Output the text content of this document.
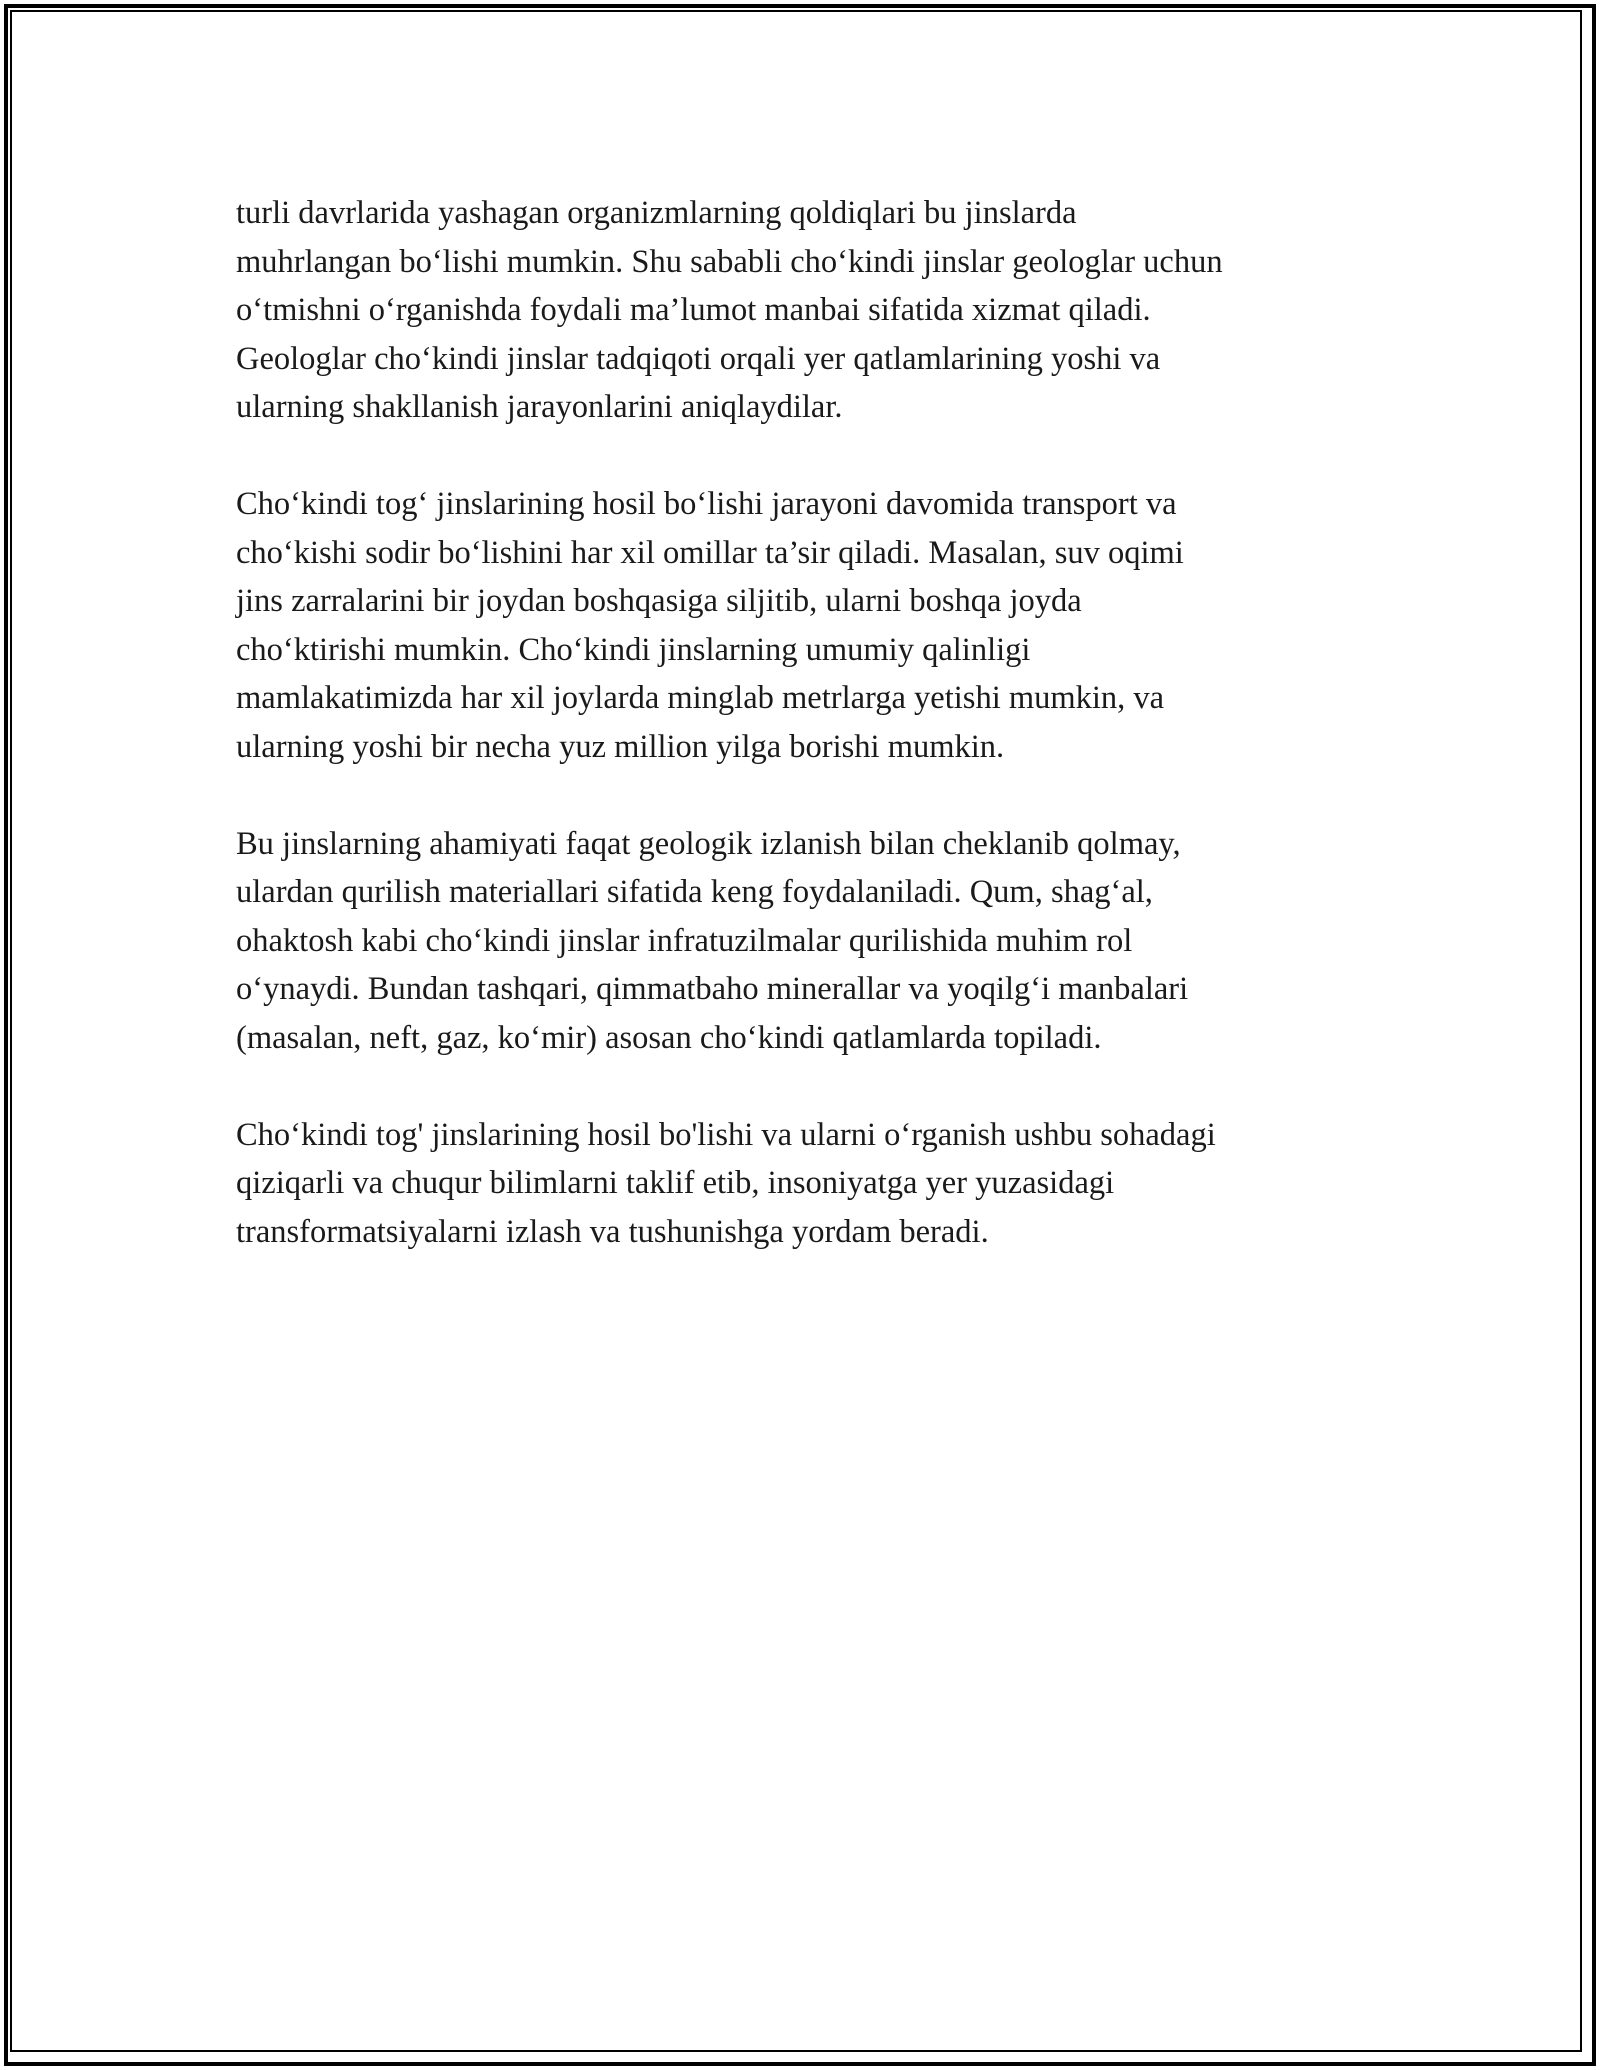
turli davrlarida yashagan organizmlarning qoldiqlari bu jinslarda
muhrlangan bo‘lishi mumkin. Shu sababli cho‘kindi jinslar geologlar uchun
o‘tmishni o‘rganishda foydali ma’lumot manbai sifatida xizmat qiladi.
Geologlar cho‘kindi jinslar tadqiqoti orqali yer qatlamlarining yoshi va
ularning shakllanish jarayonlarini aniqlaydilar.

Cho‘kindi tog‘ jinslarining hosil bo‘lishi jarayoni davomida transport va
cho‘kishi sodir bo‘lishini har xil omillar ta’sir qiladi. Masalan, suv oqimi
jins zarralarini bir joydan boshqasiga siljitib, ularni boshqa joyda
cho‘ktirishi mumkin. Cho‘kindi jinslarning umumiy qalinligi
mamlakatimizda har xil joylarda minglab metrlarga yetishi mumkin, va
ularning yoshi bir necha yuz million yilga borishi mumkin.

Bu jinslarning ahamiyati faqat geologik izlanish bilan cheklanib qolmay,
ulardan qurilish materiallari sifatida keng foydalaniladi. Qum, shag‘al,
ohaktosh kabi cho‘kindi jinslar infratuzilmalar qurilishida muhim rol
o‘ynaydi. Bundan tashqari, qimmatbaho minerallar va yoqilg‘i manbalari
(masalan, neft, gaz, ko‘mir) asosan cho‘kindi qatlamlarda topiladi.

Cho‘kindi tog' jinslarining hosil bo'lishi va ularni o‘rganish ushbu sohadagi
qiziqarli va chuqur bilimlarni taklif etib, insoniyatga yer yuzasidagi
transformatsiyalarni izlash va tushunishga yordam beradi.
